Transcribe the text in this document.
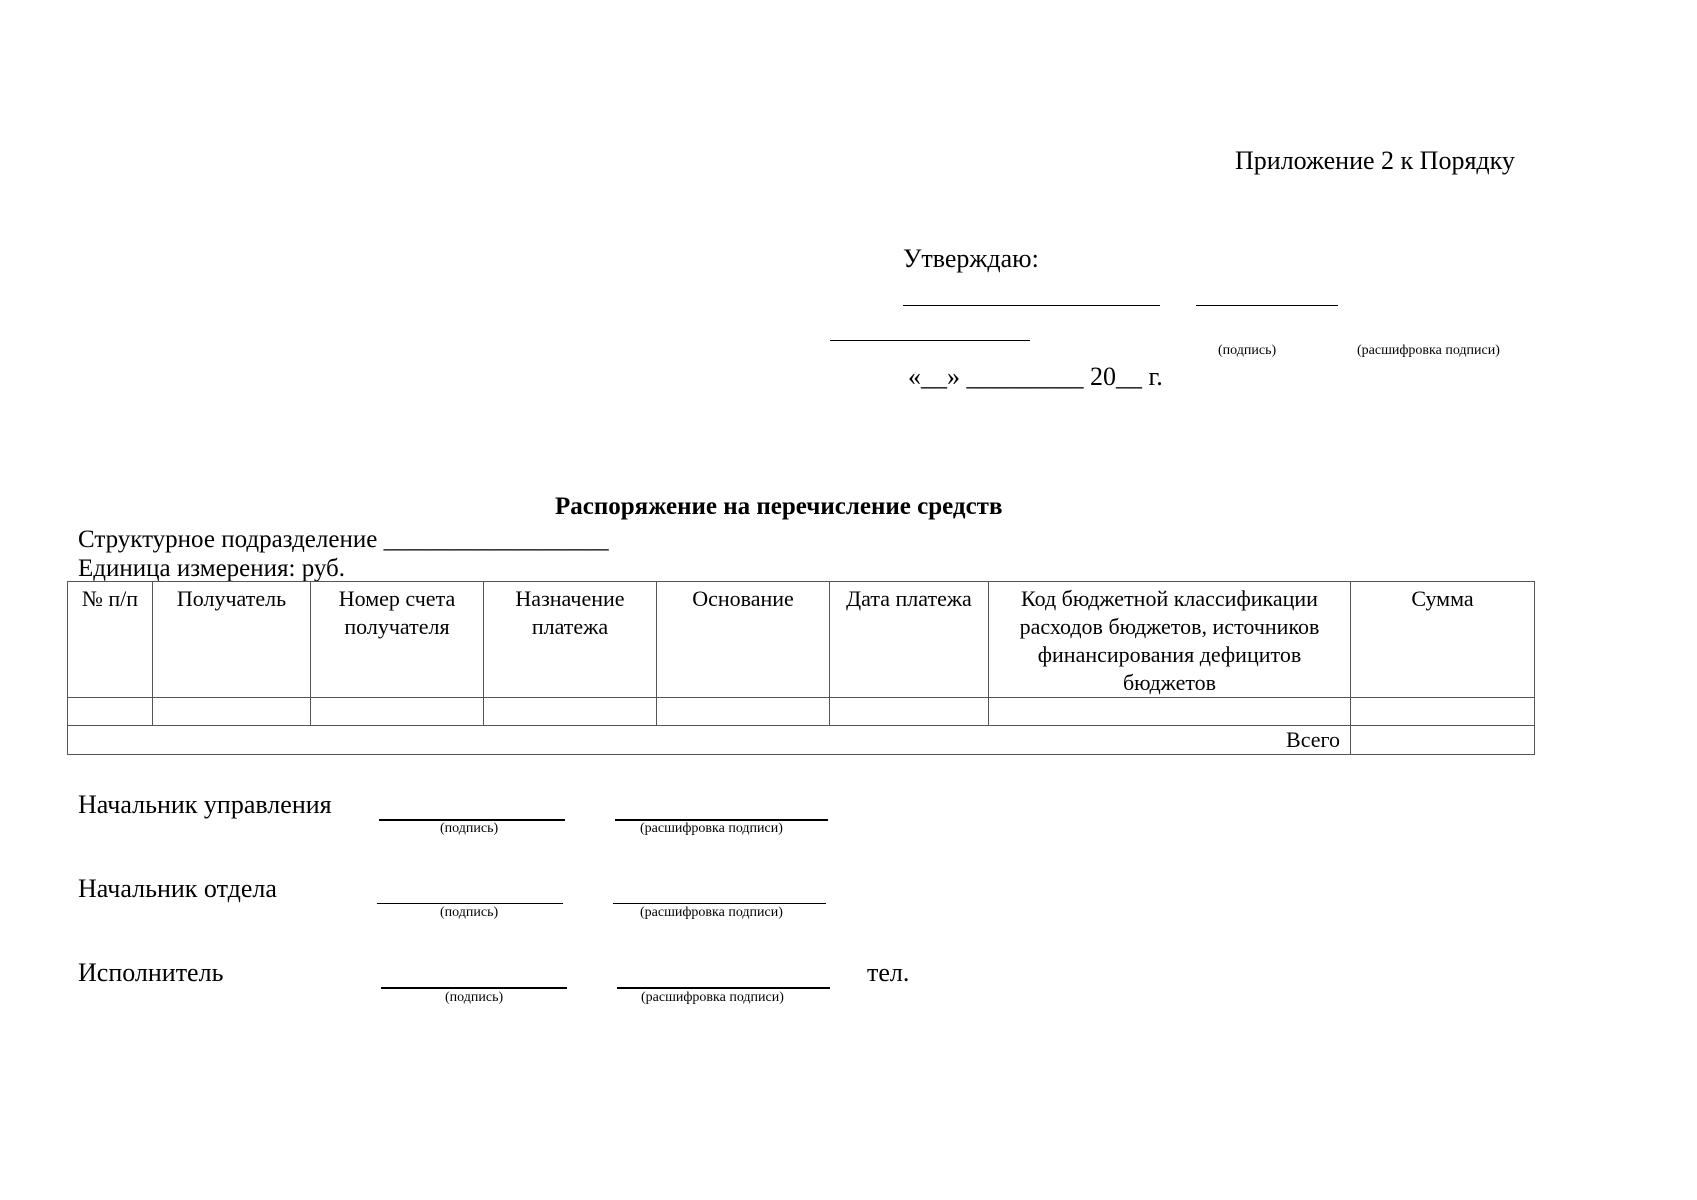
Приложение 2 к Порядку
Утверждаю:
(подпись)	(расшифровка подписи)
«__» _________ 20__ г.
Распоряжение на перечисление средств
Структурное подразделение __________________
Единица измерения: руб.
№ п/п	Получатель	Номер счета получателя	Назначение платежа	Основание	Дата платежа	Код бюджетной классификации расходов бюджетов, источников финансирования дефицитов бюджетов	Сумма

Всего							
Начальник управления
(подпись)	(расшифровка подписи)
Начальник отдела
(подпись)	(расшифровка подписи)
Исполнитель	тел.
(подпись)	(расшифровка подписи)
